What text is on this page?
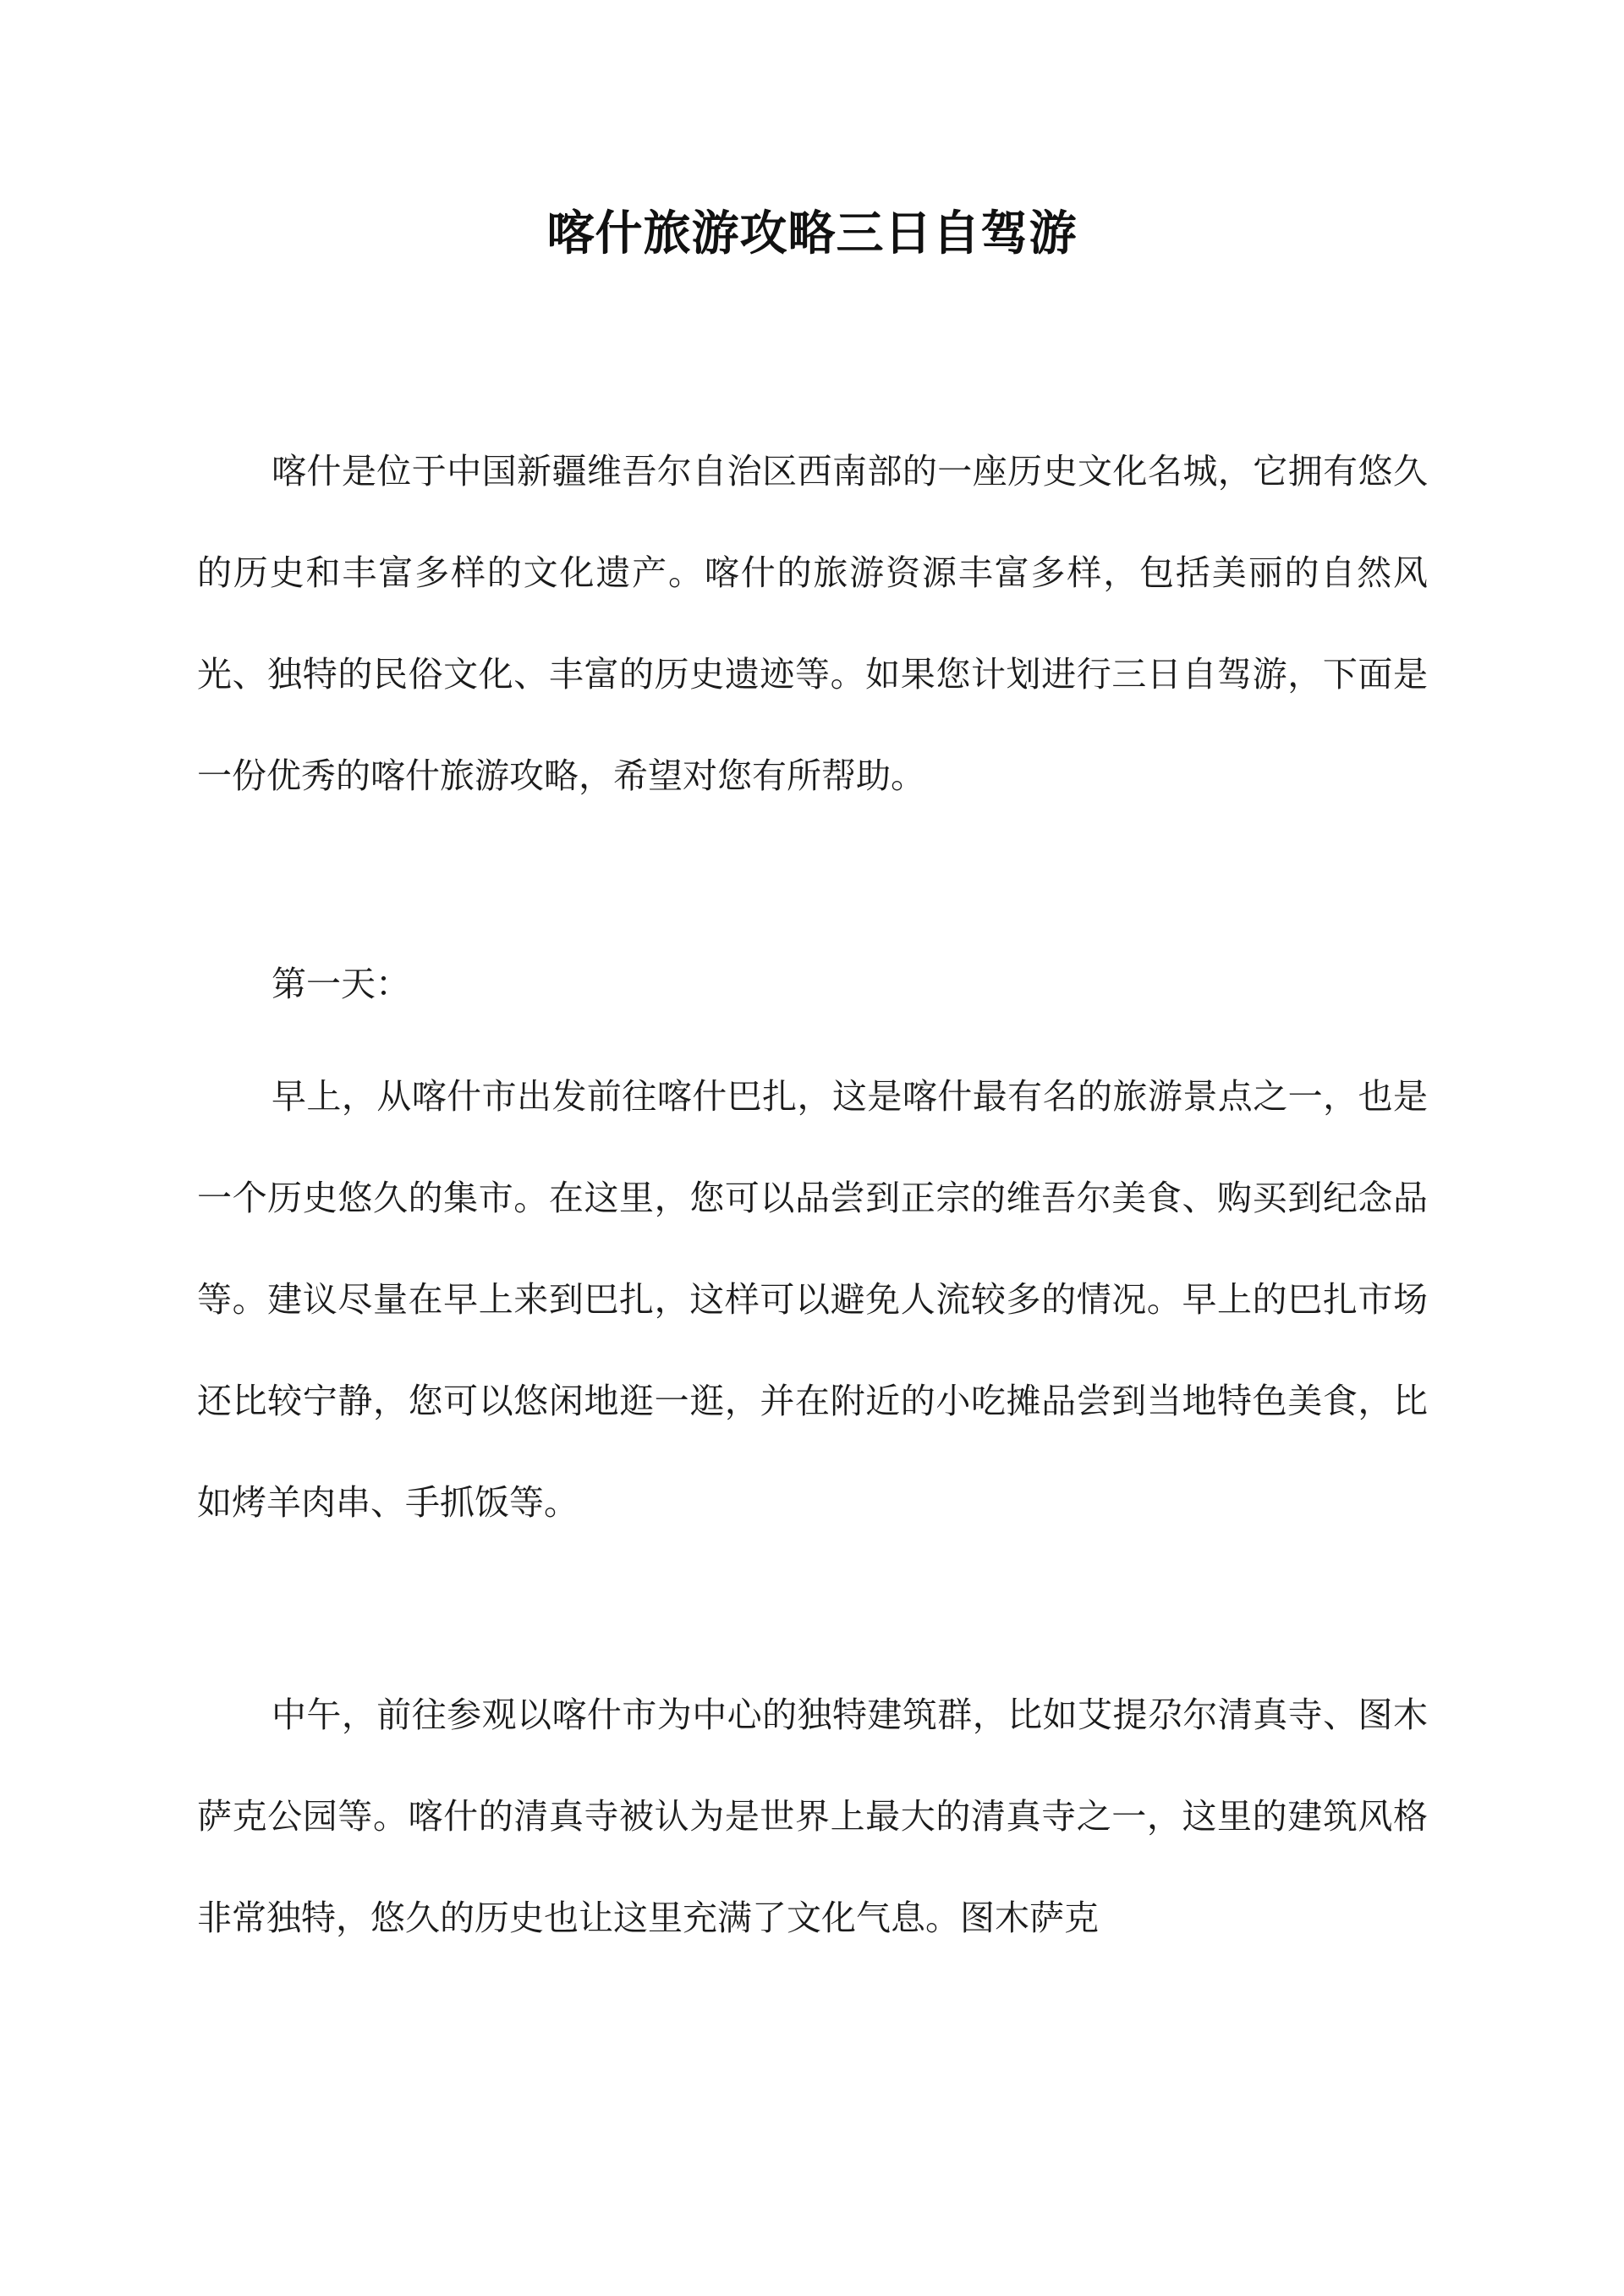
喀什旅游攻略三日自驾游

喀什是位于中国新疆维吾尔自治区西南部的一座历史文化名城，它拥有悠久的历史和丰富多样的文化遗产。喀什的旅游资源丰富多样，包括美丽的自然风光、独特的民俗文化、丰富的历史遗迹等。如果您计划进行三日自驾游，下面是一份优秀的喀什旅游攻略，希望对您有所帮助。

第一天：

早上，从喀什市出发前往喀什巴扎，这是喀什最有名的旅游景点之一，也是一个历史悠久的集市。在这里，您可以品尝到正宗的维吾尔美食、购买到纪念品等。建议尽量在早上来到巴扎，这样可以避免人流较多的情况。早上的巴扎市场还比较宁静，您可以悠闲地逛一逛，并在附近的小吃摊品尝到当地特色美食，比如烤羊肉串、手抓饭等。

中午，前往参观以喀什市为中心的独特建筑群，比如艾提尕尔清真寺、图木萨克公园等。喀什的清真寺被认为是世界上最大的清真寺之一，这里的建筑风格非常独特，悠久的历史也让这里充满了文化气息。图木萨克
